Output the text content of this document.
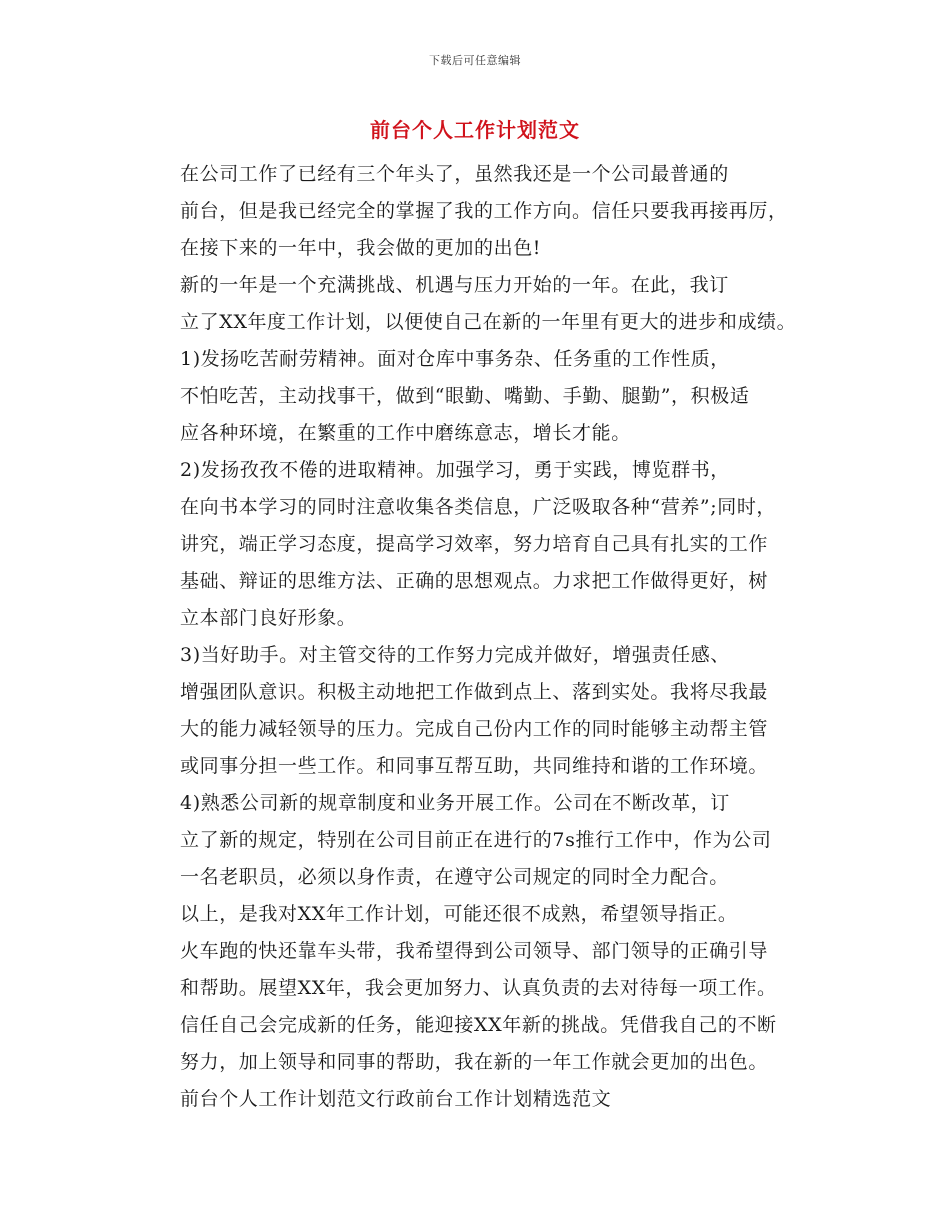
下载后可任意编辑
前台个人工作计划范文

在公司工作了已经有三个年头了，虽然我还是一个公司最普通的
前台，但是我已经完全的掌握了我的工作方向。信任只要我再接再厉，
在接下来的一年中，我会做的更加的出色!

新的一年是一个充满挑战、机遇与压力开始的一年。在此，我订
立了XX年度工作计划，以便使自己在新的一年里有更大的进步和成绩。

1)发扬吃苦耐劳精神。面对仓库中事务杂、任务重的工作性质，
不怕吃苦，主动找事干，做到“眼勤、嘴勤、手勤、腿勤”，积极适
应各种环境，在繁重的工作中磨练意志，增长才能。

2)发扬孜孜不倦的进取精神。加强学习，勇于实践，博览群书，
在向书本学习的同时注意收集各类信息，广泛吸取各种“营养”;同时，
讲究，端正学习态度，提高学习效率，努力培育自己具有扎实的工作
基础、辩证的思维方法、正确的思想观点。力求把工作做得更好，树
立本部门良好形象。

3)当好助手。对主管交待的工作努力完成并做好，增强责任感、
增强团队意识。积极主动地把工作做到点上、落到实处。我将尽我最
大的能力减轻领导的压力。完成自己份内工作的同时能够主动帮主管
或同事分担一些工作。和同事互帮互助，共同维持和谐的工作环境。

4)熟悉公司新的规章制度和业务开展工作。公司在不断改革，订
立了新的规定，特别在公司目前正在进行的7s推行工作中，作为公司
一名老职员，必须以身作责，在遵守公司规定的同时全力配合。

以上，是我对XX年工作计划，可能还很不成熟，希望领导指正。
火车跑的快还靠车头带，我希望得到公司领导、部门领导的正确引导
和帮助。展望XX年，我会更加努力、认真负责的去对待每一项工作。
信任自己会完成新的任务，能迎接XX年新的挑战。凭借我自己的不断
努力，加上领导和同事的帮助，我在新的一年工作就会更加的出色。

前台个人工作计划范文行政前台工作计划精选范文
